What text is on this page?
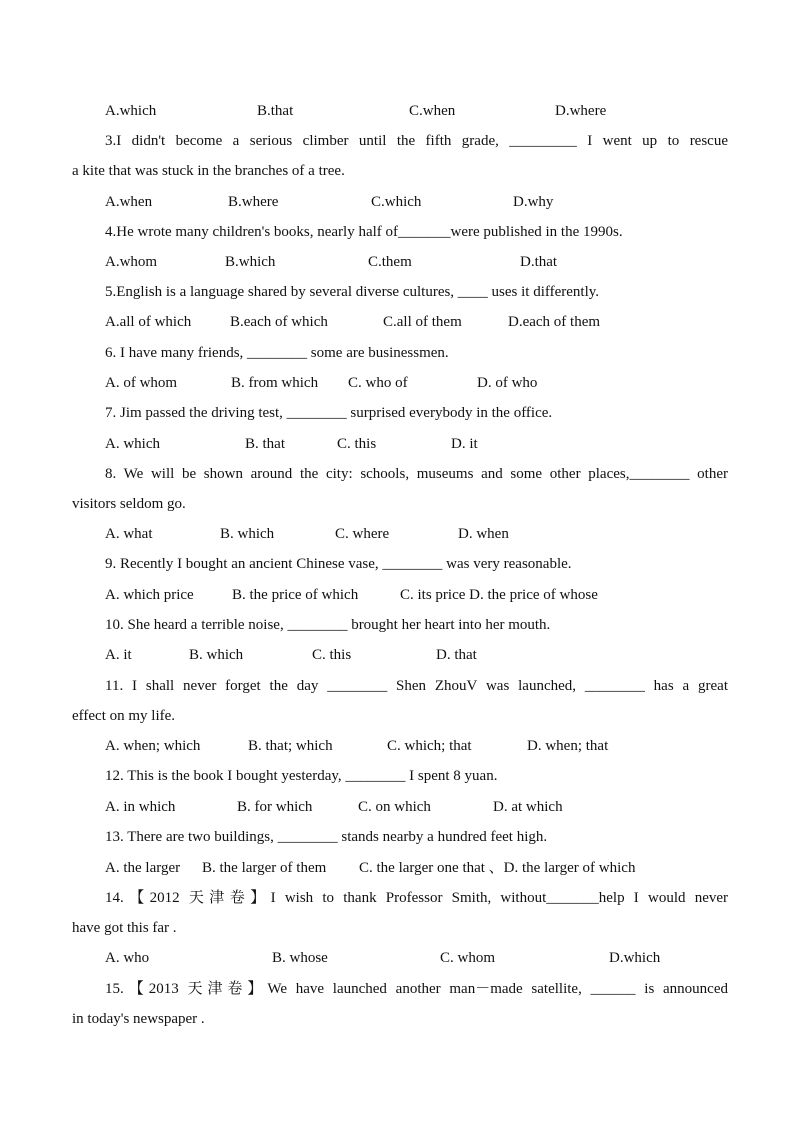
A.which	B.that	C.when	D.where
3.I didn't become a serious climber until the fifth grade, _________ I went up to rescue
a kite that was stuck in the branches of a tree.
A.when	B.where	C.which	D.why
4.He wrote many children's books, nearly half of_______were published in the 1990s.
A.whom	B.which	C.them	D.that
5.English is a language shared by several diverse cultures, ____ uses it differently.
A.all of which	B.each of which	C.all of them	D.each of them
6. I have many friends, ________ some are businessmen.
A. of whom	B. from which C. who of	D. of who
7. Jim passed the driving test, ________ surprised everybody in the office.
A. which	B. that	C. this	D. it
8. We will be shown around the city: schools, museums and some other places,________ other
visitors seldom go.
A. what	B. which	C. where	D. when
9. Recently I bought an ancient Chinese vase, ________ was very reasonable.
A. which price	B. the price of which	C. its price D. the price of whose
10. She heard a terrible noise, ________ brought her heart into her mouth.
A. it	B. which	C. this	D. that
11. I shall never forget the day ________ Shen ZhouV was launched, ________ has a great
effect on my life.
A. when; which	B. that; which	C. which; that	D. when; that
12. This is the book I bought yesterday, ________ I spent 8 yuan.
A. in which	B. for which	C. on which	D. at which
13. There are two buildings, ________ stands nearby a hundred feet high.
A. the larger B. the larger of them C. the larger one that 、D. the larger of which
14.【2012 天津卷】I wish to thank Professor Smith, without_______help I would never
have got this far .
A. who	B. whose	C. whom	D.which
15.【2013 天津卷】We have launched another man－made satellite, ______ is announced
in today's newspaper .
